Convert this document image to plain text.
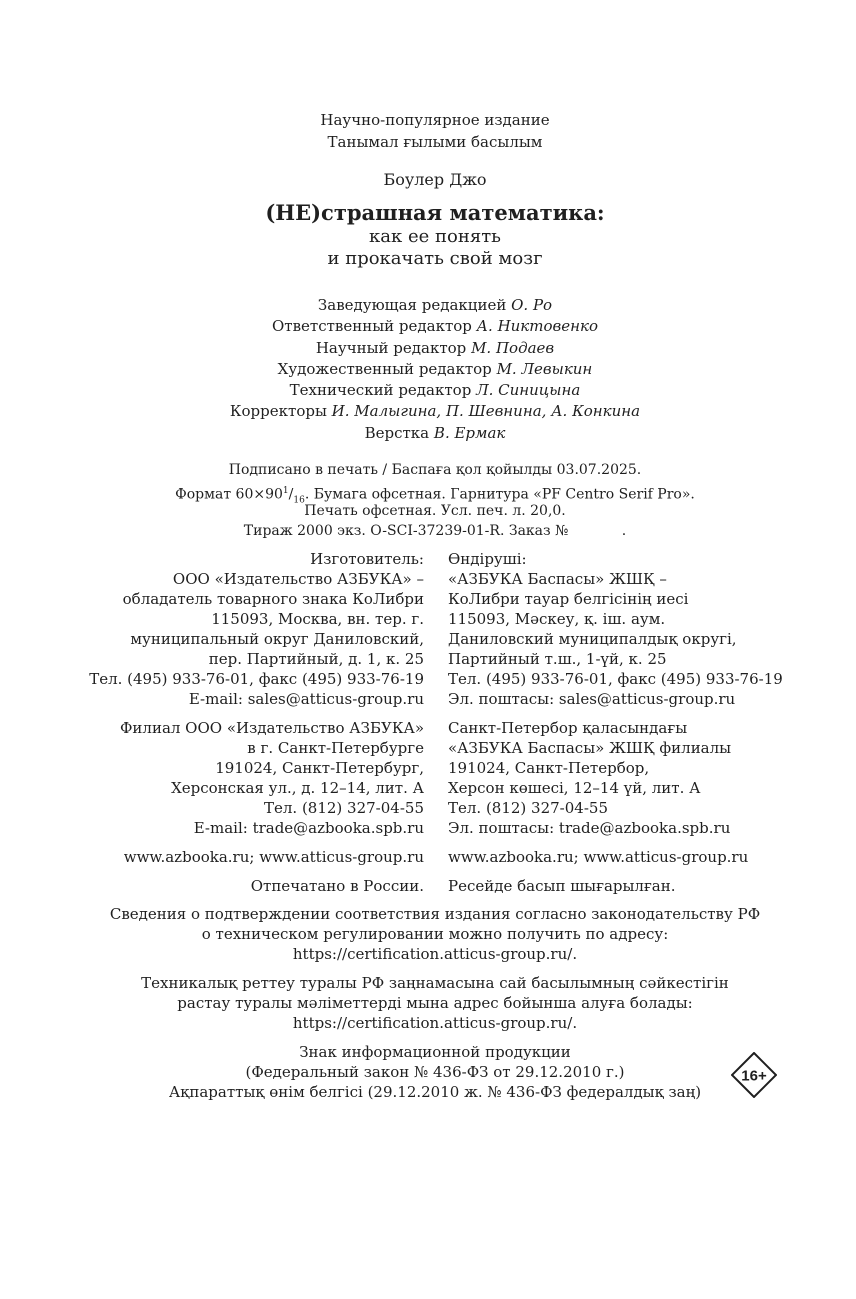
Научно-популярное издание
Танымал ғылыми басылым
Боулер Джо
(НЕ)страшная математика:
как ее понять
и прокачать свой мозг
Заведующая редакцией О. Ро
Ответственный редактор А. Никтовенко
Научный редактор М. Подаев
Художественный редактор М. Левыкин
Технический редактор Л. Синицына
Корректоры И. Малыгина, П. Шевнина, А. Конкина
Верстка В. Ермак
Подписано в печать / Баспаға қол қойылды 03.07.2025.
Формат $60\times 90^1/_{16}$. Бумага офсетная. Гарнитура «PF Centro Serif Pro».
Печать офсетная. Усл. печ. л. 20,0.
Тираж 2000 экз. O-SCI-37239-01-R. Заказ №            .
Изготовитель:
ООО «Издательство АЗБУКА» –
обладатель товарного знака КоЛибри
115093, Москва, вн. тер. г.
муниципальный округ Даниловский,
пер. Партийный, д. 1, к. 25
Тел. (495) 933-76-01, факс (495) 933-76-19
E-mail: sales@atticus-group.ru
Өндіруші:
«АЗБУКА Баспасы» ЖШҚ –
КоЛибри тауар белгісінің иесі
115093, Мәскеу, қ. іш. аум.
Даниловский муниципалдық округі,
Партийный т.ш., 1-үй, к. 25
Тел. (495) 933-76-01, факс (495) 933-76-19
Эл. поштасы: sales@atticus-group.ru
Филиал ООО «Издательство АЗБУКА»
в г. Санкт-Петербурге
191024, Санкт-Петербург,
Херсонская ул., д. 12–14, лит. А
Тел. (812) 327-04-55
E-mail: trade@azbooka.spb.ru
Санкт-Петербор қаласындағы
«АЗБУКА Баспасы» ЖШҚ филиалы
191024, Санкт-Петербор,
Херсон көшесі, 12–14 үй, лит. А
Тел. (812) 327-04-55
Эл. поштасы: trade@azbooka.spb.ru
www.azbooka.ru; www.atticus-group.ru www.azbooka.ru; www.atticus-group.ru
Отпечатано в России. Ресейде басып шығарылған.
Сведения о подтверждении соответствия издания согласно законодательству РФ
о техническом регулировании можно получить по адресу:
https://certification.atticus-group.ru/.
Техникалық реттеу туралы РФ заңнамасына сай басылымның сәйкестігін
растау туралы мәліметтерді мына адрес бойынша алуға болады:
https://certification.atticus-group.ru/.
Знак информационной продукции
(Федеральный закон № 436-ФЗ от 29.12.2010 г.)
Ақпараттық өнім белгісі (29.12.2010 ж. № 436-ФЗ федералдық заң)
16+
